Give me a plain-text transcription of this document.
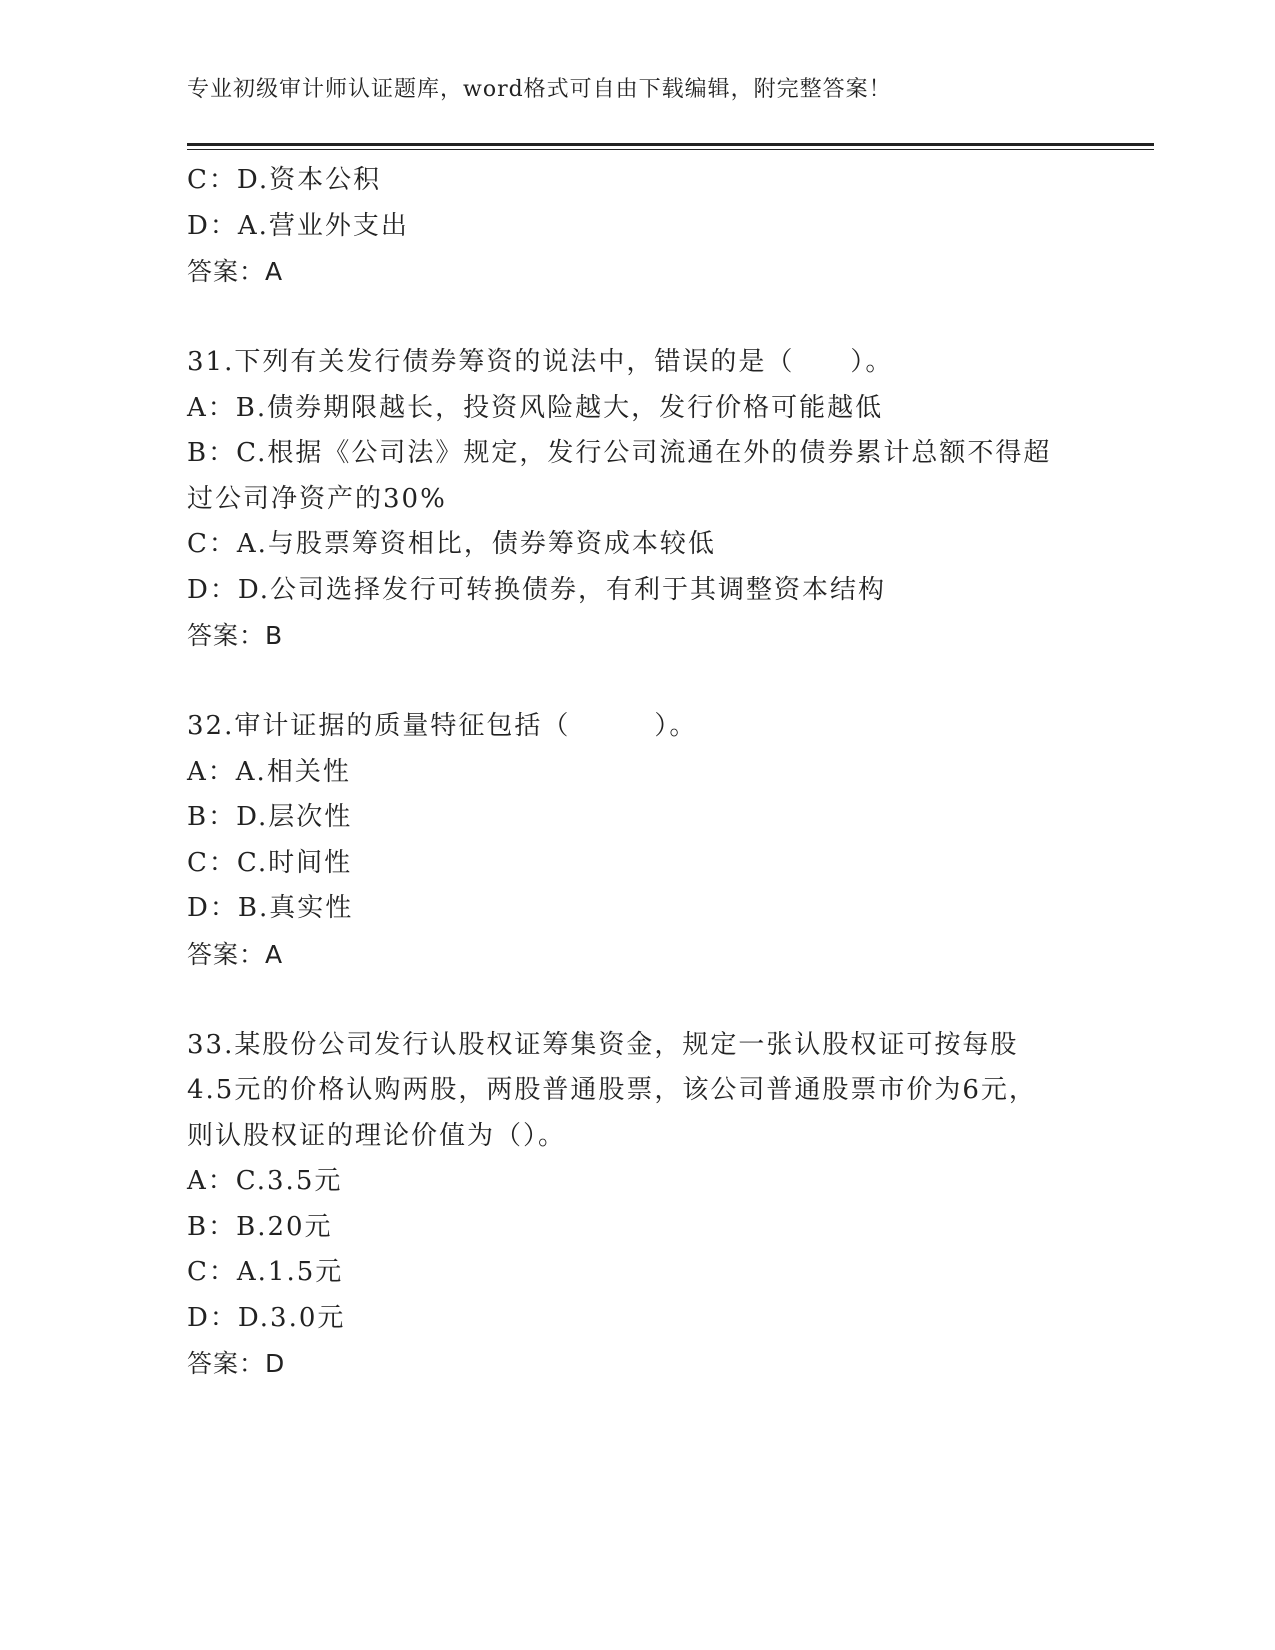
专业初级审计师认证题库，word格式可自由下载编辑，附完整答案！
C：D.资本公积
D：A.营业外支出
答案：A
31.下列有关发行债券筹资的说法中，错误的是（　　）。
A：B.债券期限越长，投资风险越大，发行价格可能越低
B：C.根据《公司法》规定，发行公司流通在外的债券累计总额不得超
过公司净资产的30%
C：A.与股票筹资相比，债券筹资成本较低
D：D.公司选择发行可转换债券，有利于其调整资本结构
答案：B
32.审计证据的质量特征包括（　　　）。
A：A.相关性
B：D.层次性
C：C.时间性
D：B.真实性
答案：A
33.某股份公司发行认股权证筹集资金，规定一张认股权证可按每股
4.5元的价格认购两股，两股普通股票，该公司普通股票市价为6元，
则认股权证的理论价值为（）。
A：C.3.5元
B：B.20元
C：A.1.5元
D：D.3.0元
答案：D
